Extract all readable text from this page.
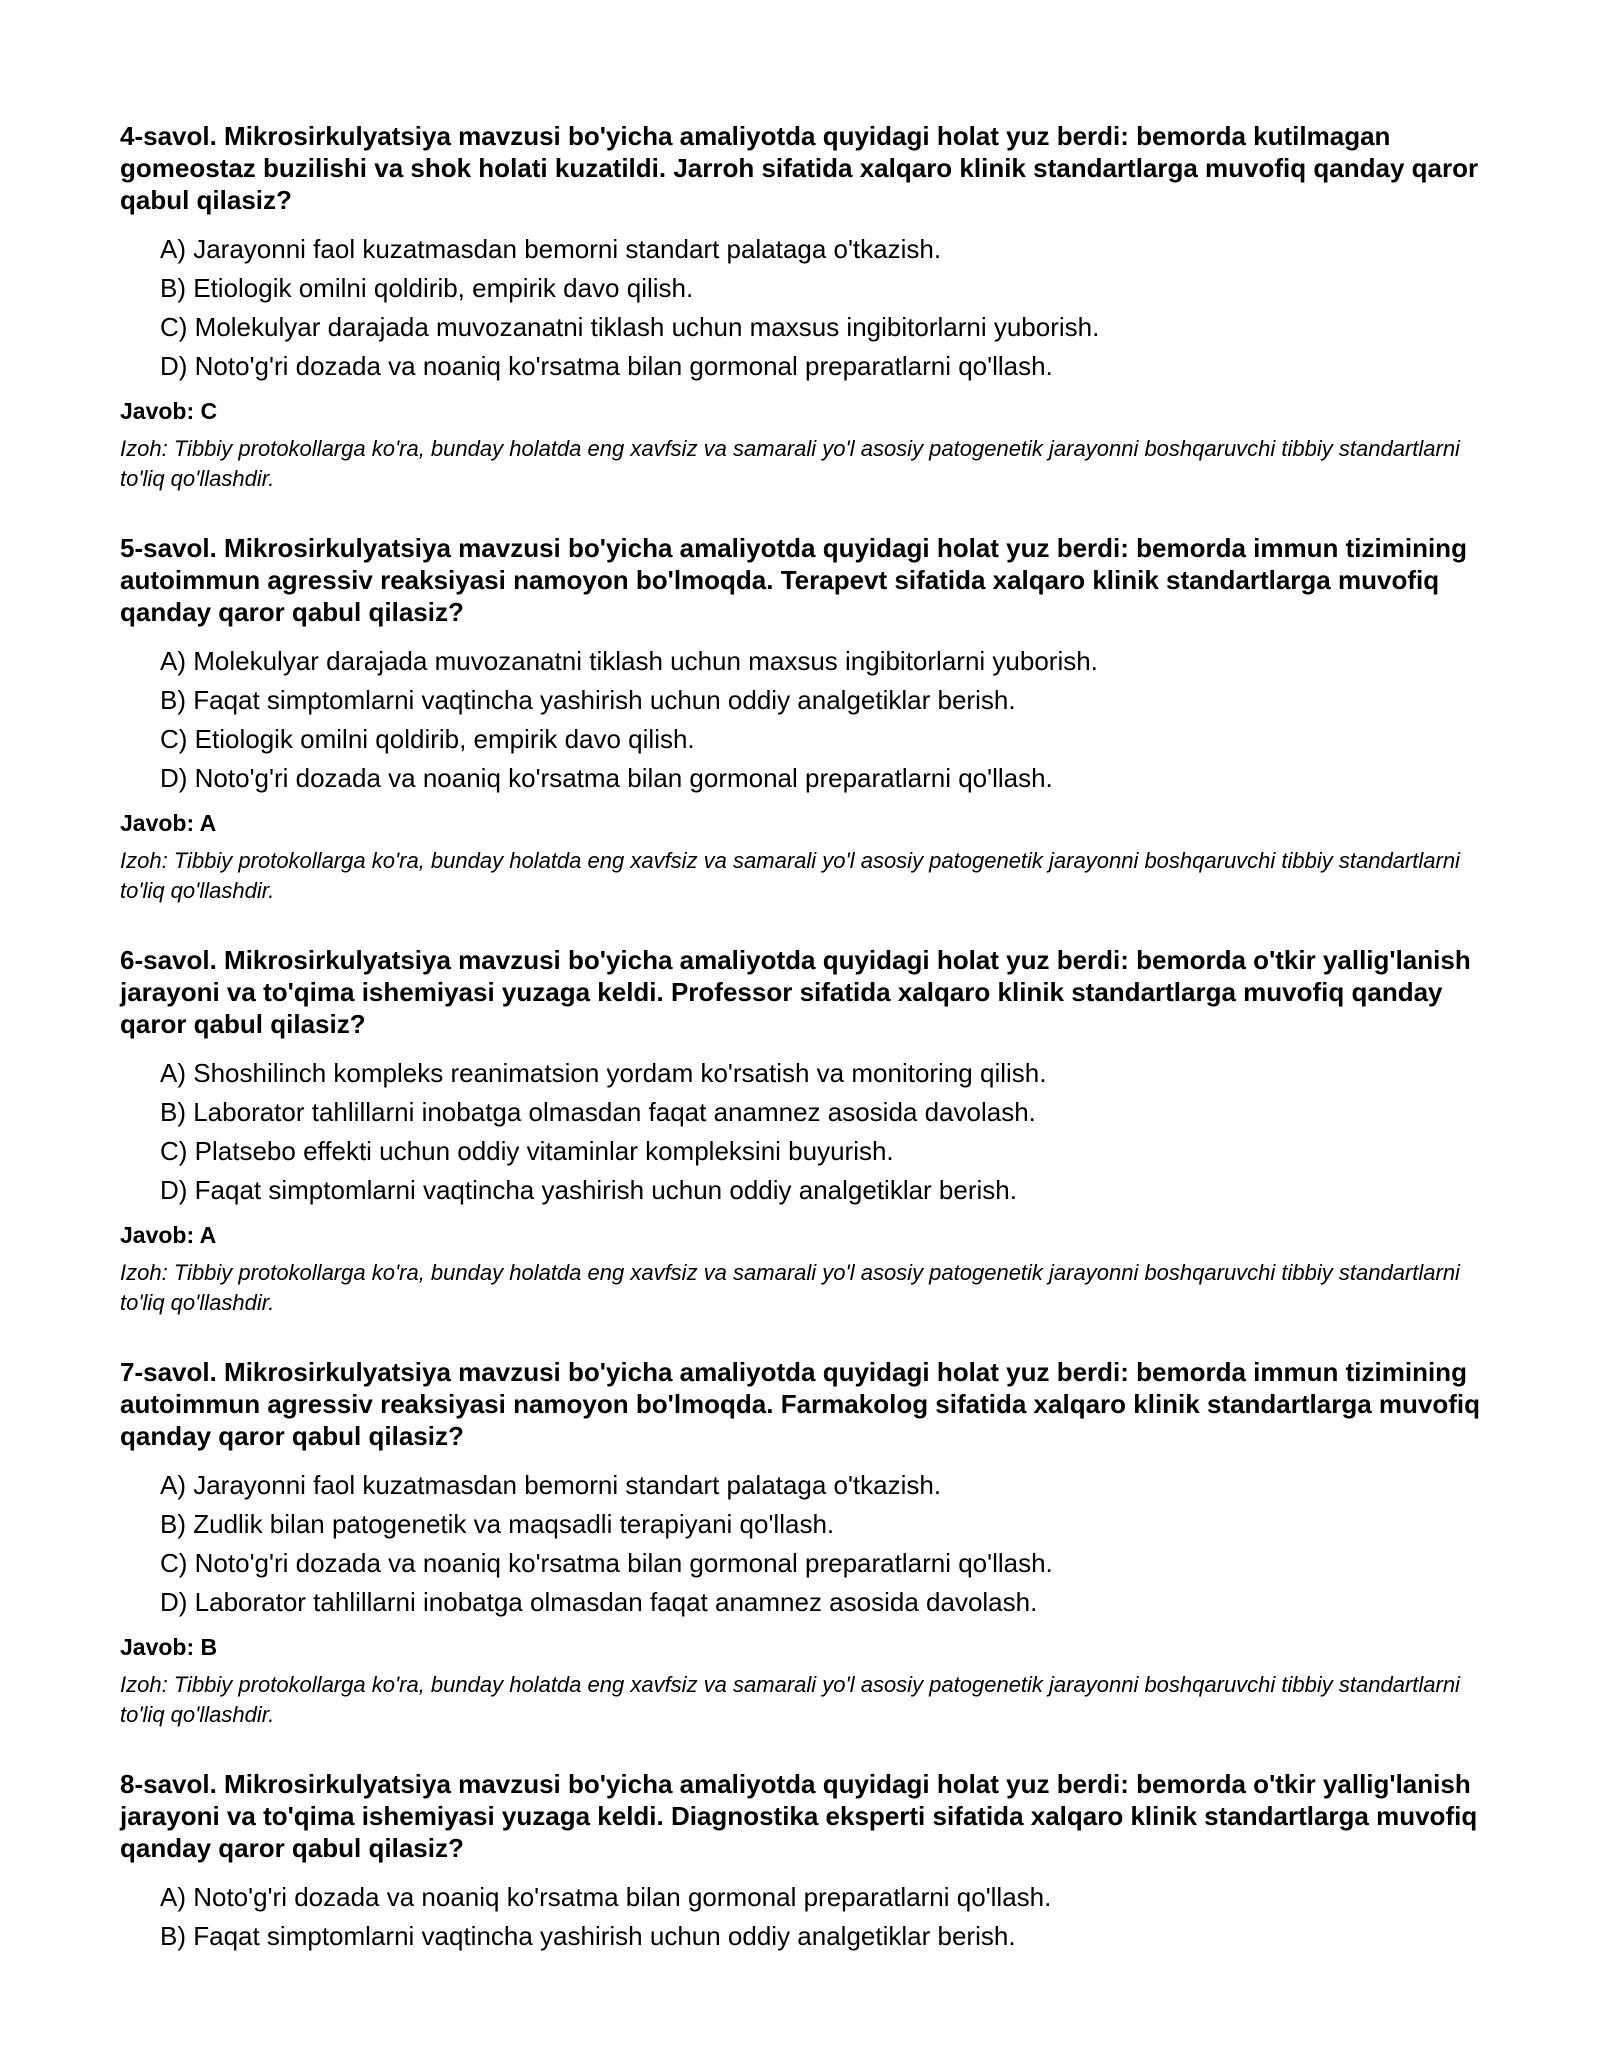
4-savol. Mikrosirkulyatsiya mavzusi bo'yicha amaliyotda quyidagi holat yuz berdi: bemorda kutilmagan gomeostaz buzilishi va shok holati kuzatildi. Jarroh sifatida xalqaro klinik standartlarga muvofiq qanday qaror qabul qilasiz?

A) Jarayonni faol kuzatmasdan bemorni standart palataga o'tkazish.

B) Etiologik omilni qoldirib, empirik davo qilish.

C) Molekulyar darajada muvozanatni tiklash uchun maxsus ingibitorlarni yuborish.

D) Noto'g'ri dozada va noaniq ko'rsatma bilan gormonal preparatlarni qo'llash.

Javob: C

Izoh: Tibbiy protokollarga ko'ra, bunday holatda eng xavfsiz va samarali yo'l asosiy patogenetik jarayonni boshqaruvchi tibbiy standartlarni to'liq qo'llashdir.

5-savol. Mikrosirkulyatsiya mavzusi bo'yicha amaliyotda quyidagi holat yuz berdi: bemorda immun tizimining autoimmun agressiv reaksiyasi namoyon bo'lmoqda. Terapevt sifatida xalqaro klinik standartlarga muvofiq qanday qaror qabul qilasiz?

A) Molekulyar darajada muvozanatni tiklash uchun maxsus ingibitorlarni yuborish.

B) Faqat simptomlarni vaqtincha yashirish uchun oddiy analgetiklar berish.

C) Etiologik omilni qoldirib, empirik davo qilish.

D) Noto'g'ri dozada va noaniq ko'rsatma bilan gormonal preparatlarni qo'llash.

Javob: A

Izoh: Tibbiy protokollarga ko'ra, bunday holatda eng xavfsiz va samarali yo'l asosiy patogenetik jarayonni boshqaruvchi tibbiy standartlarni to'liq qo'llashdir.

6-savol. Mikrosirkulyatsiya mavzusi bo'yicha amaliyotda quyidagi holat yuz berdi: bemorda o'tkir yallig'lanish jarayoni va to'qima ishemiyasi yuzaga keldi. Professor sifatida xalqaro klinik standartlarga muvofiq qanday qaror qabul qilasiz?

A) Shoshilinch kompleks reanimatsion yordam ko'rsatish va monitoring qilish.

B) Laborator tahlillarni inobatga olmasdan faqat anamnez asosida davolash.

C) Platsebo effekti uchun oddiy vitaminlar kompleksini buyurish.

D) Faqat simptomlarni vaqtincha yashirish uchun oddiy analgetiklar berish.

Javob: A

Izoh: Tibbiy protokollarga ko'ra, bunday holatda eng xavfsiz va samarali yo'l asosiy patogenetik jarayonni boshqaruvchi tibbiy standartlarni to'liq qo'llashdir.

7-savol. Mikrosirkulyatsiya mavzusi bo'yicha amaliyotda quyidagi holat yuz berdi: bemorda immun tizimining autoimmun agressiv reaksiyasi namoyon bo'lmoqda. Farmakolog sifatida xalqaro klinik standartlarga muvofiq qanday qaror qabul qilasiz?

A) Jarayonni faol kuzatmasdan bemorni standart palataga o'tkazish.

B) Zudlik bilan patogenetik va maqsadli terapiyani qo'llash.

C) Noto'g'ri dozada va noaniq ko'rsatma bilan gormonal preparatlarni qo'llash.

D) Laborator tahlillarni inobatga olmasdan faqat anamnez asosida davolash.

Javob: B

Izoh: Tibbiy protokollarga ko'ra, bunday holatda eng xavfsiz va samarali yo'l asosiy patogenetik jarayonni boshqaruvchi tibbiy standartlarni to'liq qo'llashdir.

8-savol. Mikrosirkulyatsiya mavzusi bo'yicha amaliyotda quyidagi holat yuz berdi: bemorda o'tkir yallig'lanish jarayoni va to'qima ishemiyasi yuzaga keldi. Diagnostika eksperti sifatida xalqaro klinik standartlarga muvofiq qanday qaror qabul qilasiz?

A) Noto'g'ri dozada va noaniq ko'rsatma bilan gormonal preparatlarni qo'llash.

B) Faqat simptomlarni vaqtincha yashirish uchun oddiy analgetiklar berish.
